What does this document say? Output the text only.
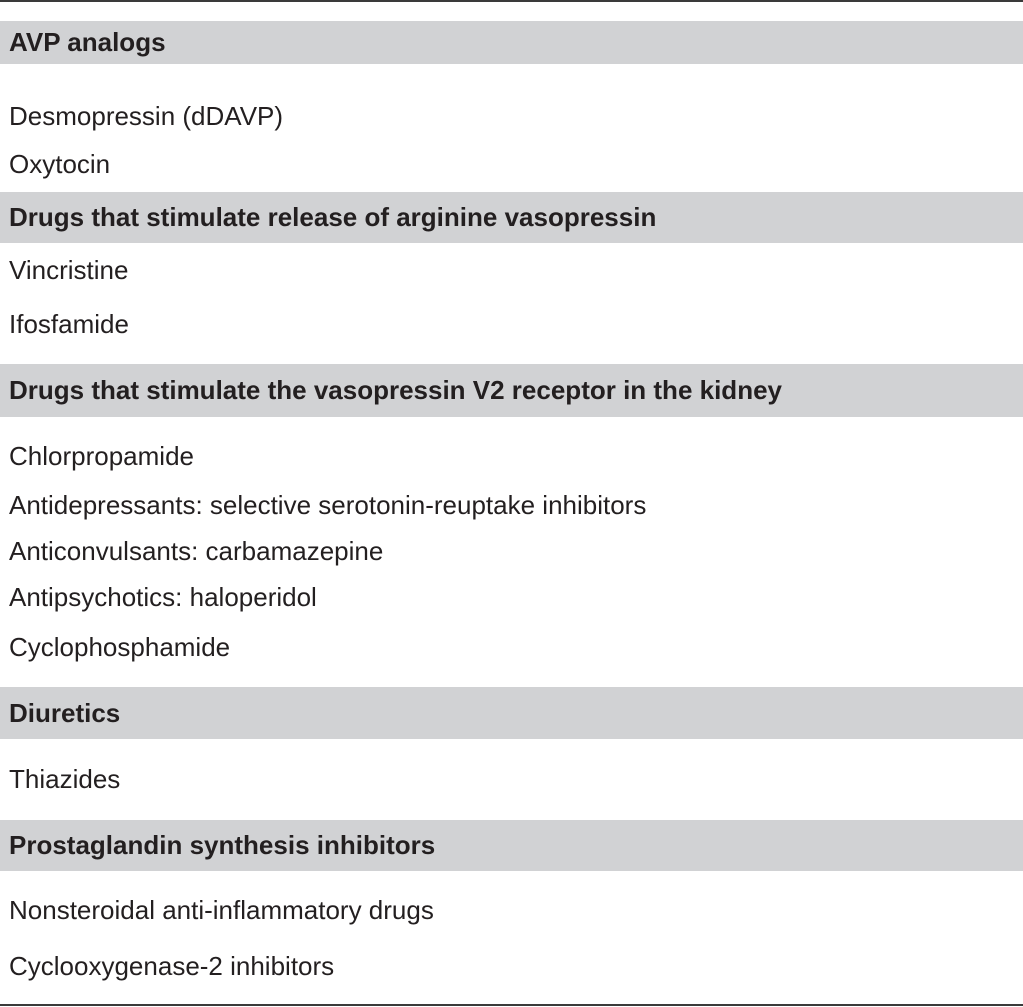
AVP analogs
Desmopressin (dDAVP)
Oxytocin
Drugs that stimulate release of arginine vasopressin
Vincristine
Ifosfamide
Drugs that stimulate the vasopressin V2 receptor in the kidney
Chlorpropamide
Antidepressants: selective serotonin-reuptake inhibitors
Anticonvulsants: carbamazepine
Antipsychotics: haloperidol
Cyclophosphamide
Diuretics
Thiazides
Prostaglandin synthesis inhibitors
Nonsteroidal anti-inflammatory drugs
Cyclooxygenase-2 inhibitors
